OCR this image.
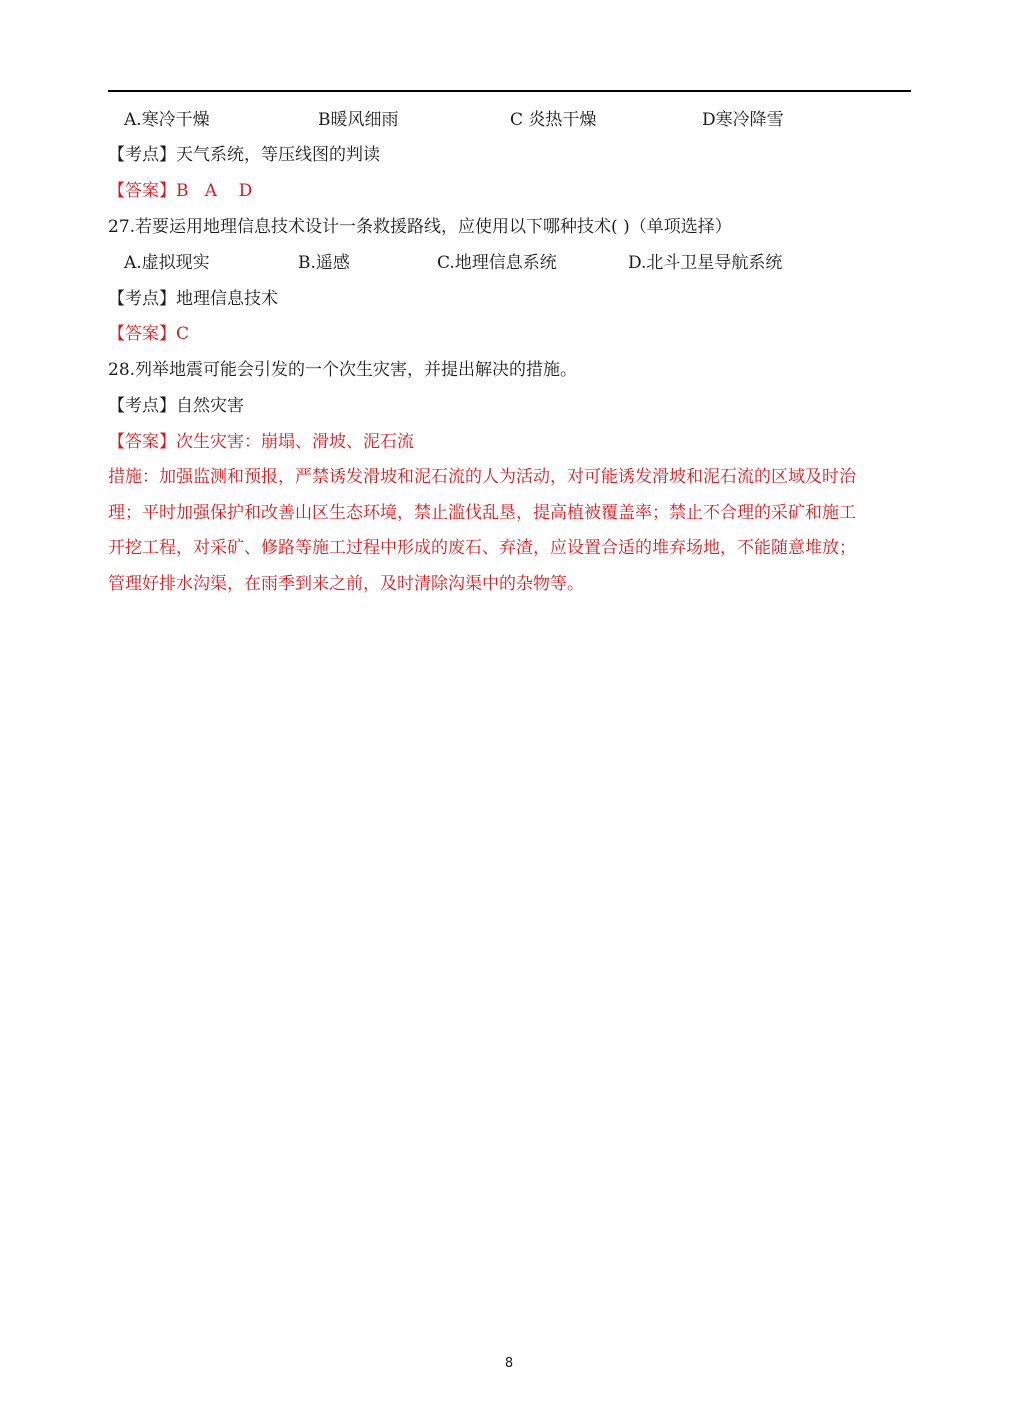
A.寒冷干燥	B暖风细雨	C 炎热干燥	D寒冷降雪
【考点】天气系统，等压线图的判读
【答案】B   A    D
27.若要运用地理信息技术设计一条救援路线，应使用以下哪种技术( )（单项选择）
A.虚拟现实	B.遥感	C.地理信息系统	D.北斗卫星导航系统
【考点】地理信息技术
【答案】C
28.列举地震可能会引发的一个次生灾害，并提出解决的措施。
【考点】自然灾害
【答案】次生灾害：崩塌、滑坡、泥石流
措施：加强监测和预报，严禁诱发滑坡和泥石流的人为活动，对可能诱发滑坡和泥石流的区域及时治
理；平时加强保护和改善山区生态环境，禁止滥伐乱垦，提高植被覆盖率；禁止不合理的采矿和施工
开挖工程，对采矿、修路等施工过程中形成的废石、弃渣，应设置合适的堆弃场地，不能随意堆放；
管理好排水沟渠，在雨季到来之前，及时清除沟渠中的杂物等。
8
